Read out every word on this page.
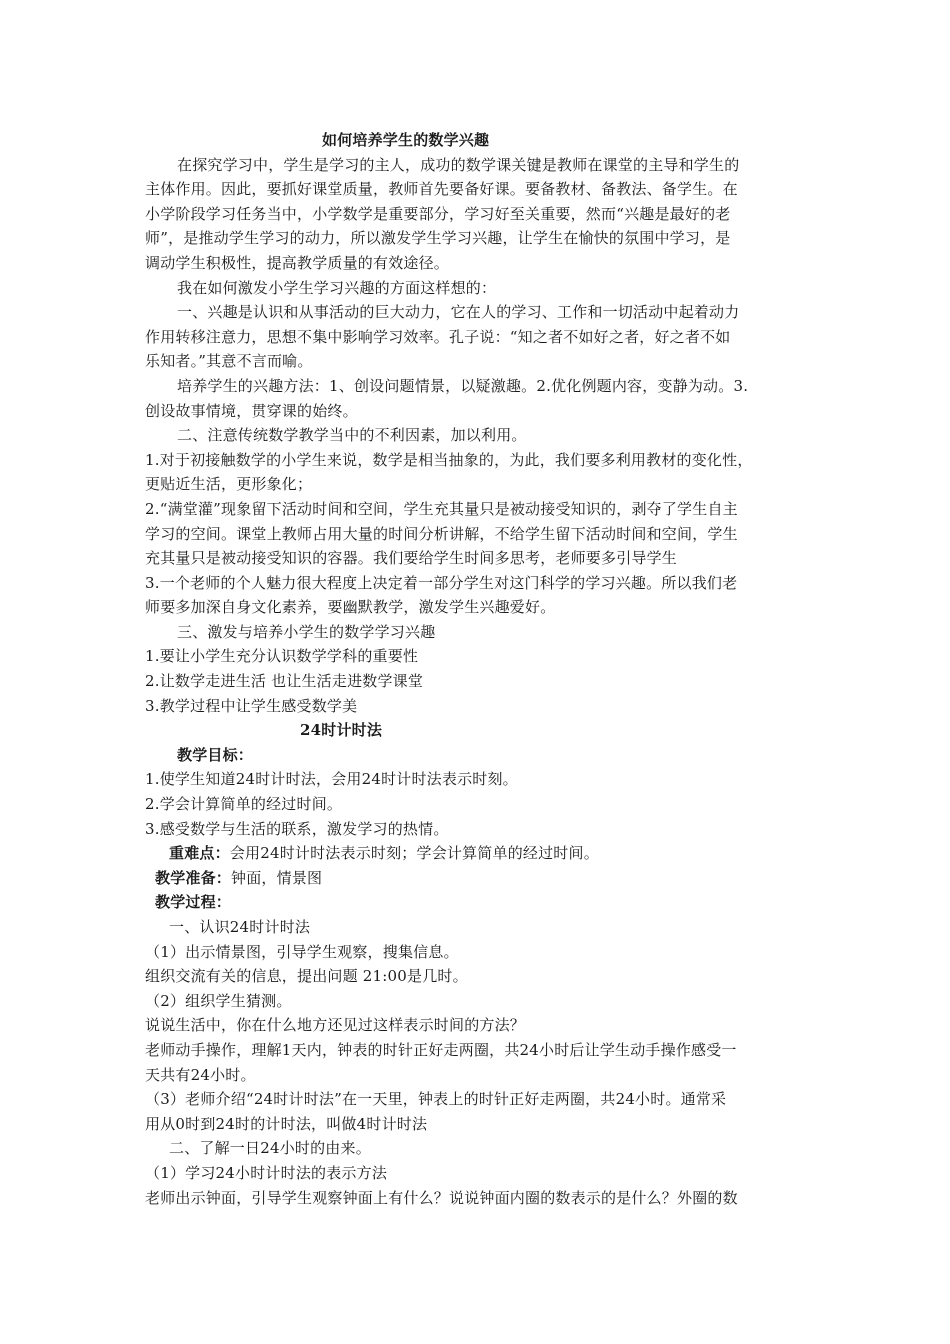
如何培养学生的数学兴趣
在探究学习中，学生是学习的主人，成功的数学课关键是教师在课堂的主导和学生的
主体作用。因此，要抓好课堂质量，教师首先要备好课。要备教材、备教法、备学生。在
小学阶段学习任务当中，小学数学是重要部分，学习好至关重要，然而“兴趣是最好的老
师”，是推动学生学习的动力，所以激发学生学习兴趣，让学生在愉快的氛围中学习，是
调动学生积极性，提高教学质量的有效途径。
我在如何激发小学生学习兴趣的方面这样想的：
一、兴趣是认识和从事活动的巨大动力，它在人的学习、工作和一切活动中起着动力
作用转移注意力，思想不集中影响学习效率。孔子说：“知之者不如好之者，好之者不如
乐知者。”其意不言而喻。
培养学生的兴趣方法：1、创设问题情景，以疑激趣。2.优化例题内容，变静为动。3.
创设故事情境，贯穿课的始终。
二、注意传统数学教学当中的不利因素，加以利用。
1.对于初接触数学的小学生来说，数学是相当抽象的，为此，我们要多利用教材的变化性，
更贴近生活，更形象化；
2.“满堂灌”现象留下活动时间和空间，学生充其量只是被动接受知识的，剥夺了学生自主
学习的空间。课堂上教师占用大量的时间分析讲解，不给学生留下活动时间和空间，学生
充其量只是被动接受知识的容器。我们要给学生时间多思考，老师要多引导学生
3.一个老师的个人魅力很大程度上决定着一部分学生对这门科学的学习兴趣。所以我们老
师要多加深自身文化素养，要幽默教学，激发学生兴趣爱好。
三、激发与培养小学生的数学学习兴趣
1.要让小学生充分认识数学学科的重要性
2.让数学走进生活 也让生活走进数学课堂
3.教学过程中让学生感受数学美
24时计时法
教学目标：
1.使学生知道24时计时法，会用24时计时法表示时刻。
2.学会计算简单的经过时间。
3.感受数学与生活的联系，激发学习的热情。
重难点：会用24时计时法表示时刻；学会计算简单的经过时间。
教学准备：钟面，情景图
教学过程：
一、认识24时计时法
（1）出示情景图，引导学生观察，搜集信息。
组织交流有关的信息，提出问题 21:00是几时。
（2）组织学生猜测。
说说生活中，你在什么地方还见过这样表示时间的方法？
老师动手操作，理解1天内，钟表的时针正好走两圈，共24小时后让学生动手操作感受一
天共有24小时。
（3）老师介绍“24时计时法”在一天里，钟表上的时针正好走两圈，共24小时。通常采
用从0时到24时的计时法，叫做4时计时法
二、了解一日24小时的由来。
（1）学习24小时计时法的表示方法
老师出示钟面，引导学生观察钟面上有什么？说说钟面内圈的数表示的是什么？外圈的数
